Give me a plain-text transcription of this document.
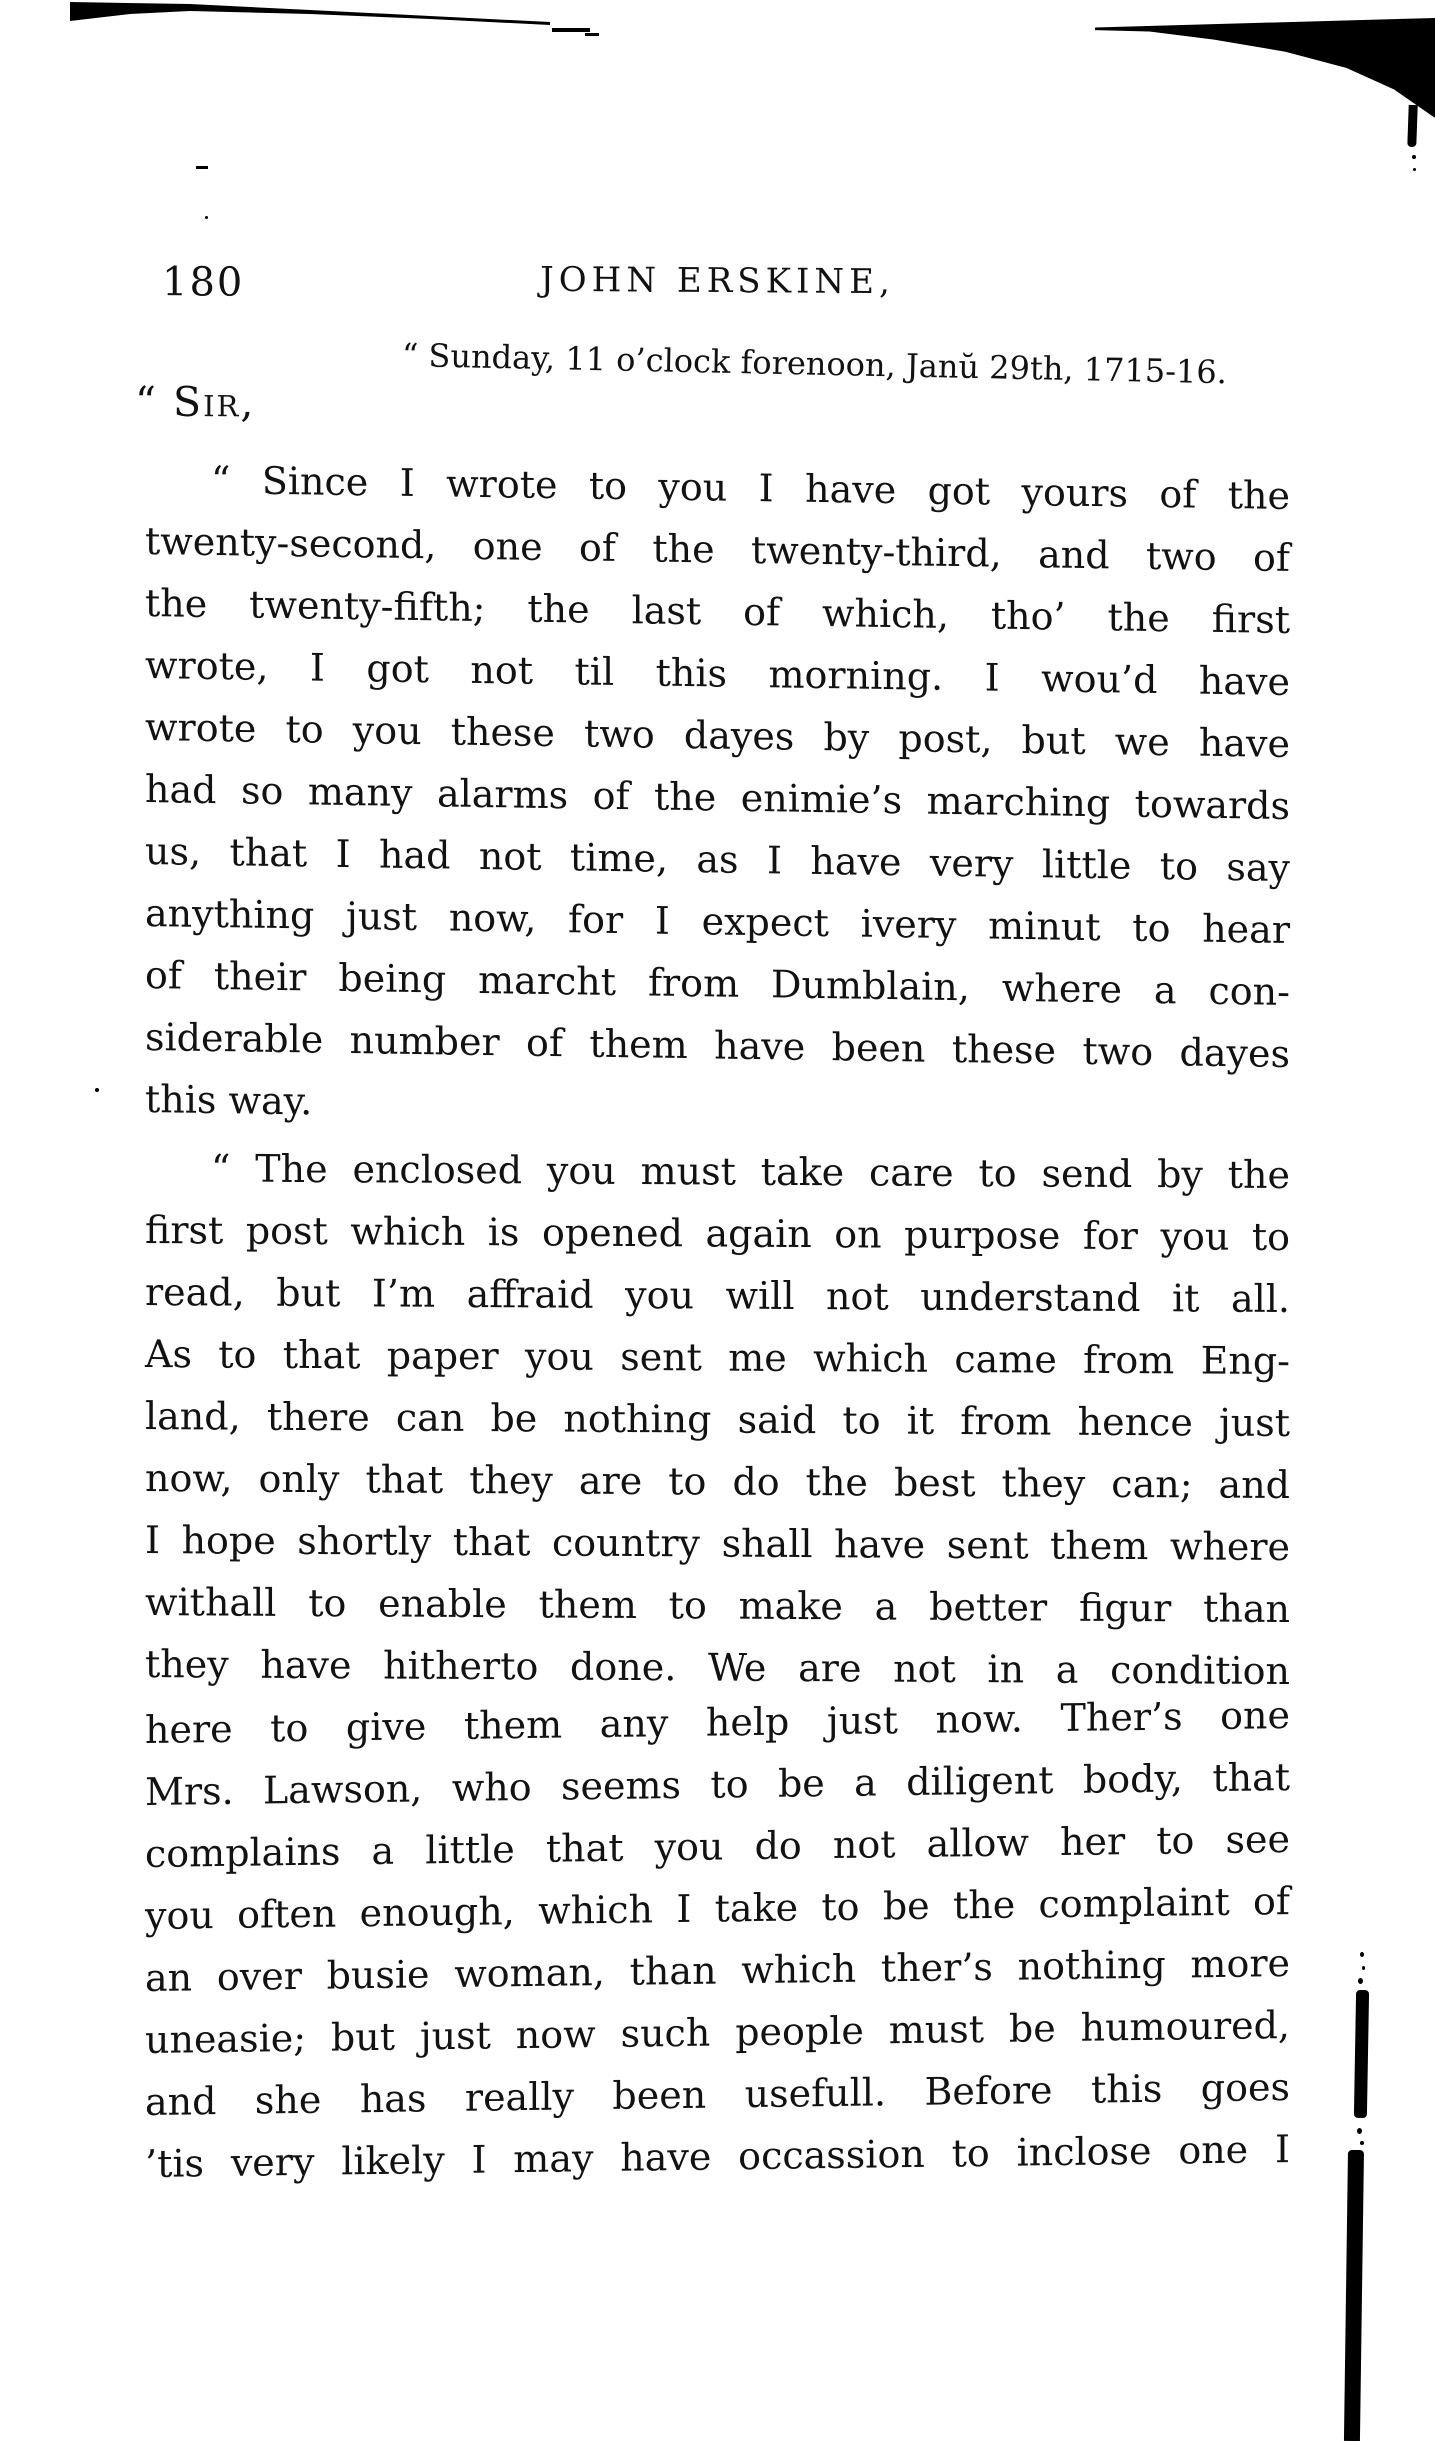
180	JOHN ERSKINE,
“ Sunday, 11 o’clock forenoon, Janŭ 29th, 1715-16.
“ Sir,
“ Since I wrote to you I have got yours of the
twenty-second, one of the twenty-third, and two of
the twenty-fifth; the last of which, tho’ the first
wrote, I got not til this morning. I wou’d have
wrote to you these two dayes by post, but we have
had so many alarms of the enimie’s marching towards
us, that I had not time, as I have very little to say
anything just now, for I expect ivery minut to hear
of their being marcht from Dumblain, where a con-
siderable number of them have been these two dayes
this way.
“ The enclosed you must take care to send by the
first post which is opened again on purpose for you to
read, but I’m affraid you will not understand it all.
As to that paper you sent me which came from Eng-
land, there can be nothing said to it from hence just
now, only that they are to do the best they can; and
I hope shortly that country shall have sent them where
withall to enable them to make a better figur than
they have hitherto done. We are not in a condition
here to give them any help just now. Ther’s one
Mrs. Lawson, who seems to be a diligent body, that
complains a little that you do not allow her to see
you often enough, which I take to be the complaint of
an over busie woman, than which ther’s nothing more
uneasie; but just now such people must be humoured,
and she has really been usefull. Before this goes
’tis very likely I may have occassion to inclose one I
